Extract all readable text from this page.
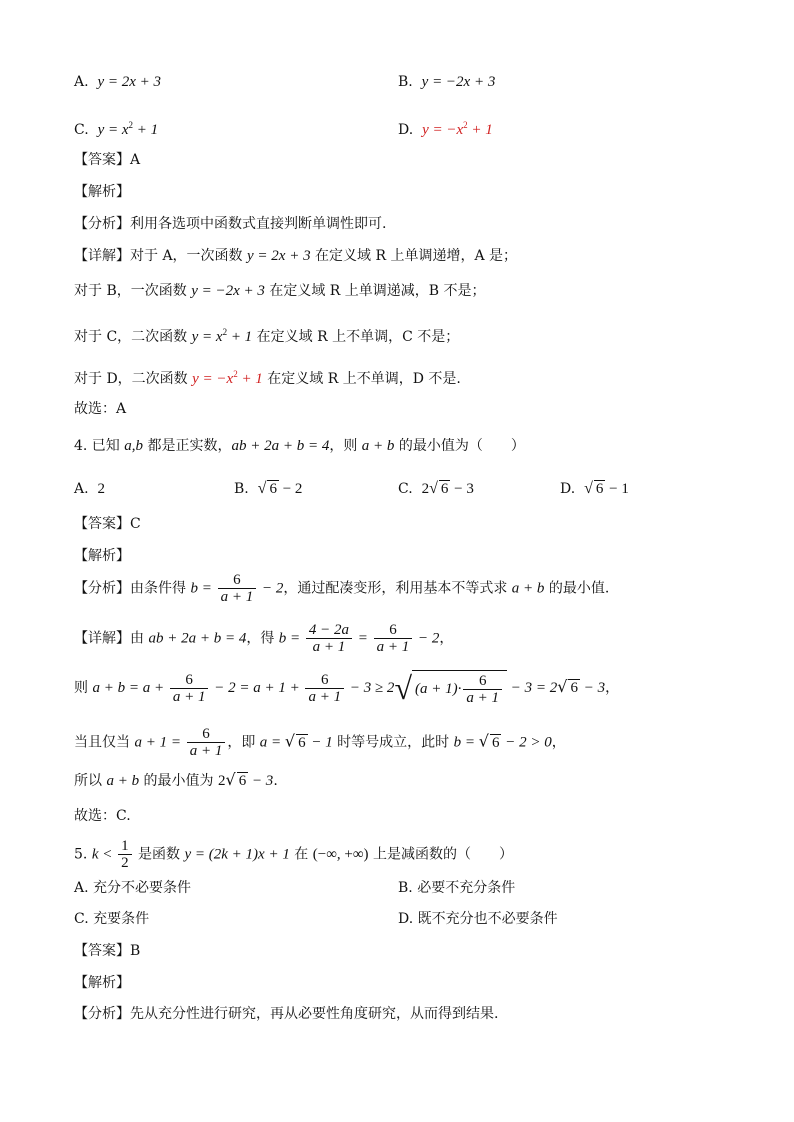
A. y = 2x + 3	B. y = −2x + 3
C. $y = x^2 + 1$	D. $y = -x^2 + 1$
【答案】A
【解析】
【分析】利用各选项中函数式直接判断单调性即可.
【详解】对于 A，一次函数 y = 2x + 3 在定义域 R 上单调递增，A 是；
对于 B，一次函数 y = −2x + 3 在定义域 R 上单调递减，B 不是；
对于 C，二次函数 $y = x^2 + 1$ 在定义域 R 上不单调，C 不是；
对于 D，二次函数 $y = -x^2 + 1$ 在定义域 R 上不单调，D 不是.
故选：A
4. 已知 a,b 都是正实数，ab + 2a + b = 4，则 a + b 的最小值为（　　）
A. 2	B. √ 6 − 2	C. 2√ 6 − 3	D. √ 6 − 1
【答案】C
【解析】
【分析】由条件得 $b = \frac{6}{a + 1} - 2$，通过配凑变形，利用基本不等式求 a + b 的最小值.
【详解】由 ab + 2a + b = 4，得 $b = \frac{4 - 2a}{a + 1} = \frac{6}{a + 1} - 2$，
则 $a + b = a + \frac{6}{a + 1} - 2 = a + 1 + \frac{6}{a + 1} - 3 \ge 2√$ $(a + 1)\cdot \frac{6}{a + 1} - 3 = 2√$ 6 − 3，
当且仅当 $a + 1 = \frac{6}{a + 1}$ ，即 a = √ 6 − 1 时等号成立，此时 b = √ 6 − 2 > 0，
所以 a + b 的最小值为 2√ 6 − 3.
故选：C.
5. $k < \frac{1}{2}$ 是函数 y = (2k + 1)x + 1 在 (−∞, +∞) 上是减函数的（　　）
A. 充分不必要条件	B. 必要不充分条件
C. 充要条件	D. 既不充分也不必要条件
【答案】B
【解析】
【分析】先从充分性进行研究，再从必要性角度研究，从而得到结果.
